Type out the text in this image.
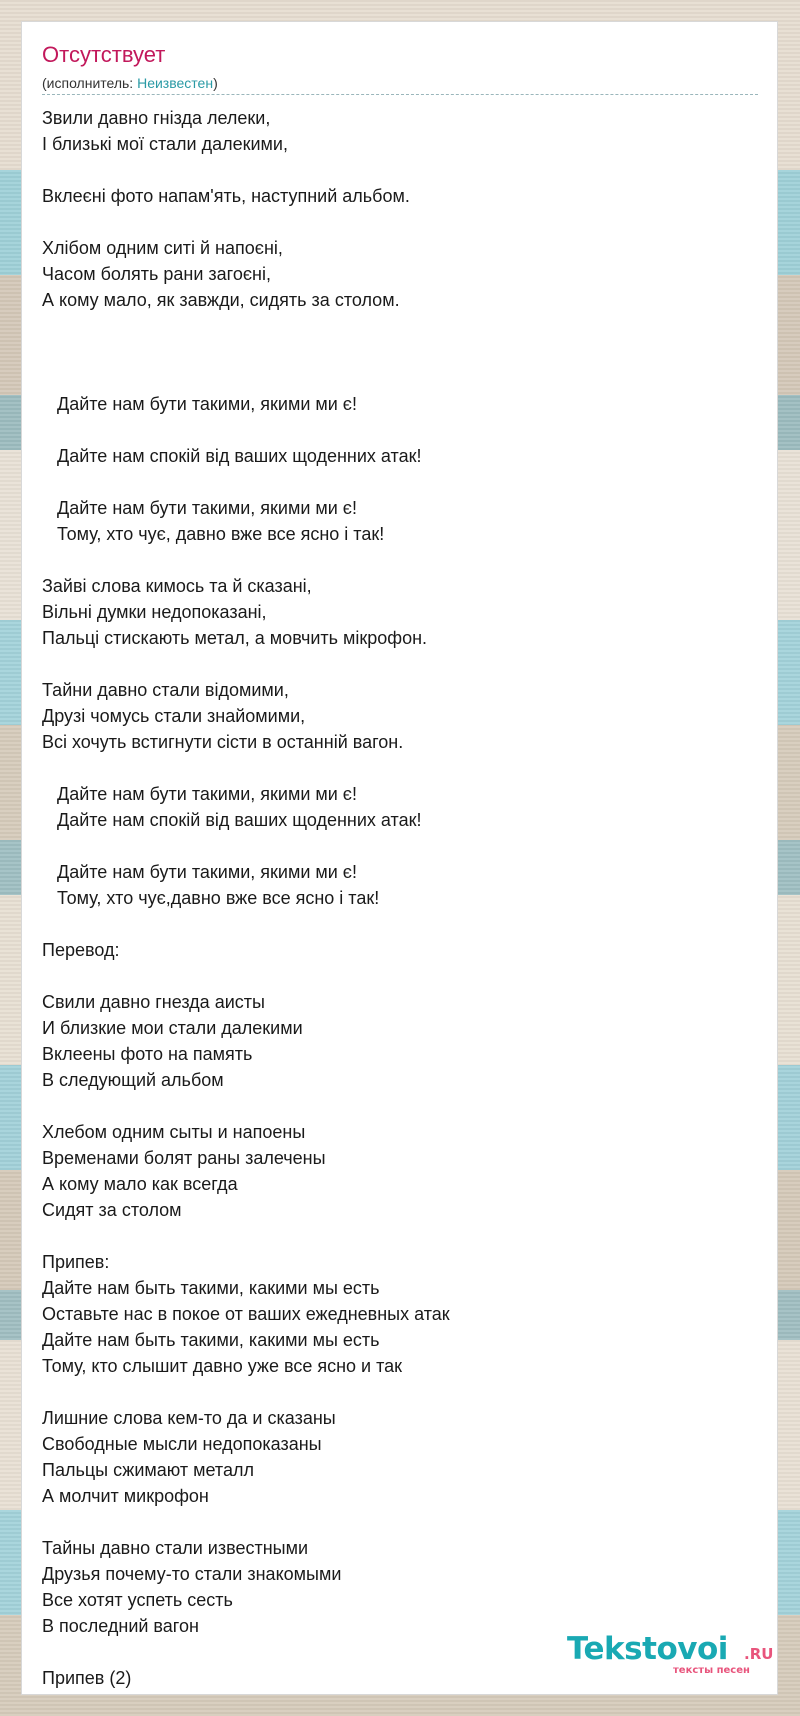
Отсутствует
(исполнитель: Неизвестен)
Звили давно гнізда лелеки,
І близькі мої стали далекими,
Вклеєні фото напам'ять, наступний альбом.
Хлібом одним ситі й напоєні,
Часом болять рани загоєні,
А кому мало, як завжди, сидять за столом.
Дайте нам бути такими, якими ми є!
Дайте нам спокій від ваших щоденних атак!
Дайте нам бути такими, якими ми є!
Тому, хто чує, давно вже все ясно і так!
Зайві слова кимось та й сказані,
Вільні думки недопоказані,
Пальці стискають метал, а мовчить мікрофон.
Тайни давно стали відомими,
Друзі чомусь стали знайомими,
Всі хочуть встигнути сісти в останній вагон.
Дайте нам бути такими, якими ми є!
Дайте нам спокій від ваших щоденних атак!
Дайте нам бути такими, якими ми є!
Тому, хто чує,давно вже все ясно і так!
Перевод:
Свили давно гнезда аисты
И близкие мои стали далекими
Вклеены фото на память
В следующий альбом
Хлебом одним сыты и напоены
Временами болят раны залечены
А кому мало как всегда
Сидят за столом
Припев:
Дайте нам быть такими, какими мы есть
Оставьте нас в покое от ваших ежедневных атак
Дайте нам быть такими, какими мы есть
Тому, кто слышит давно уже все ясно и так
Лишние слова кем-то да и сказаны
Свободные мысли недопоказаны
Пальцы сжимают металл
А молчит микрофон
Тайны давно стали известными
Друзья почему-то стали знакомыми
Все хотят успеть сесть
В последний вагон
Припев (2)
Tekstovoi .RU
тексты песен
